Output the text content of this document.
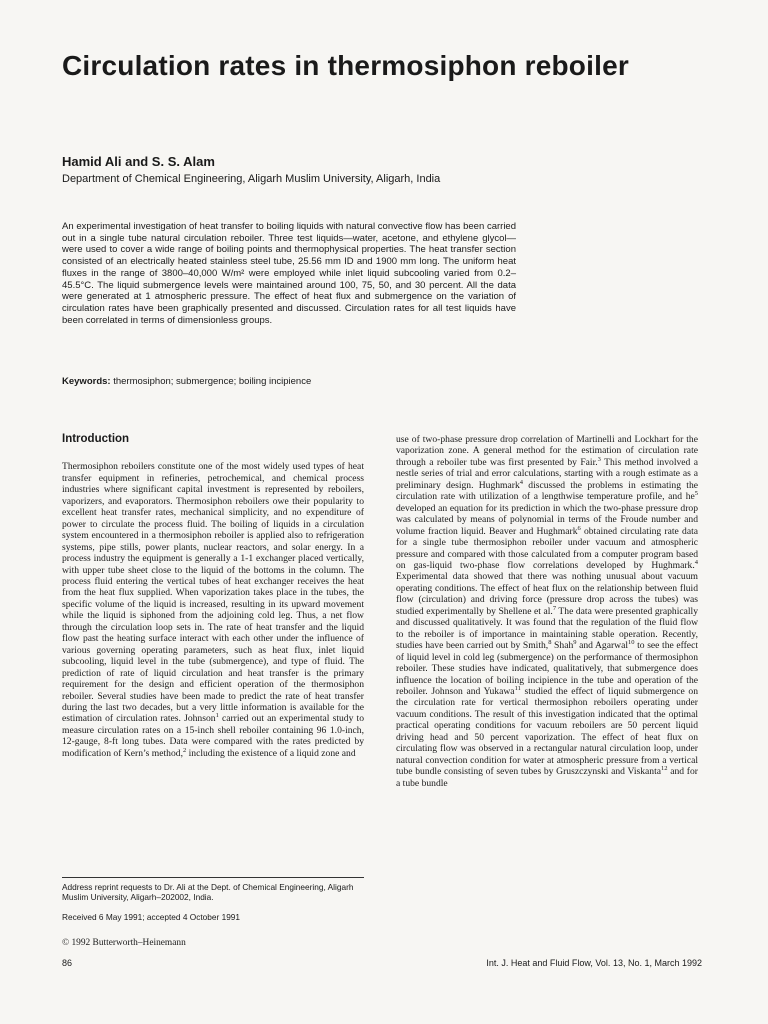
Circulation rates in thermosiphon reboiler
Hamid Ali and S. S. Alam
Department of Chemical Engineering, Aligarh Muslim University, Aligarh, India
An experimental investigation of heat transfer to boiling liquids with natural convective flow has been carried out in a single tube natural circulation reboiler. Three test liquids—water, acetone, and ethylene glycol—were used to cover a wide range of boiling points and thermophysical properties. The heat transfer section consisted of an electrically heated stainless steel tube, 25.56 mm ID and 1900 mm long. The uniform heat fluxes in the range of 3800–40,000 W/m² were employed while inlet liquid subcooling varied from 0.2–45.5°C. The liquid submergence levels were maintained around 100, 75, 50, and 30 percent. All the data were generated at 1 atmospheric pressure. The effect of heat flux and submergence on the variation of circulation rates have been graphically presented and discussed. Circulation rates for all test liquids have been correlated in terms of dimensionless groups.
Keywords: thermosiphon; submergence; boiling incipience
Introduction

Thermosiphon reboilers constitute one of the most widely used types of heat transfer equipment in refineries, petrochemical, and chemical process industries where significant capital investment is represented by reboilers, vaporizers, and evaporators. Thermosiphon reboilers owe their popularity to excellent heat transfer rates, mechanical simplicity, and no expenditure of power to circulate the process fluid. The boiling of liquids in a circulation system encountered in a thermosiphon reboiler is applied also to refrigeration systems, pipe stills, power plants, nuclear reactors, and solar energy. In a process industry the equipment is generally a 1-1 exchanger placed vertically, with upper tube sheet close to the liquid of the bottoms in the column. The process fluid entering the vertical tubes of heat exchanger receives the heat from the heat flux supplied. When vaporization takes place in the tubes, the specific volume of the liquid is increased, resulting in its upward movement while the liquid is siphoned from the adjoining cold leg. Thus, a net flow through the circulation loop sets in. The rate of heat transfer and the liquid flow past the heating surface interact with each other under the influence of various governing operating parameters, such as heat flux, inlet liquid subcooling, liquid level in the tube (submergence), and type of fluid. The prediction of rate of liquid circulation and heat transfer is the primary requirement for the design and efficient operation of the thermosiphon reboiler. Several studies have been made to predict the rate of heat transfer during the last two decades, but a very little information is available for the estimation of circulation rates. Johnson$^1$ carried out an experimental study to measure circulation rates on a 15-inch shell reboiler containing 96 1.0-inch, 12-gauge, 8-ft long tubes. Data were compared with the rates predicted by modification of Kern’s method,$^2$ including the existence of a liquid zone and

use of two-phase pressure drop correlation of Martinelli and Lockhart for the vaporization zone. A general method for the estimation of circulation rate through a reboiler tube was first presented by Fair.$^3$ This method involved a nestle series of trial and error calculations, starting with a rough estimate as a preliminary design. Hughmark$^4$ discussed the problems in estimating the circulation rate with utilization of a lengthwise temperature profile, and $he^5$ developed an equation for its prediction in which the two-phase pressure drop was calculated by means of polynomial in terms of the Froude number and volume fraction liquid. Beaver and Hughmark$^6$ obtained circulating rate data for a single tube thermosiphon reboiler under vacuum and atmospheric pressure and compared with those calculated from a computer program based on gas-liquid two-phase flow correlations developed by Hughmark.$^4$ Experimental data showed that there was nothing unusual about vacuum operating conditions. The effect of heat flux on the relationship between fluid flow (circulation) and driving force (pressure drop across the tubes) was studied experimentally by Shellene et al.$^7$ The data were presented graphically and discussed qualitatively. It was found that the regulation of the fluid flow to the reboiler is of importance in maintaining stable operation. Recently, studies have been carried out by Smith,$^8$ Shah$^9$ and Agarwal$^{10}$ to see the effect of liquid level in cold leg (submergence) on the performance of thermosiphon reboiler. These studies have indicated, qualitatively, that submergence does influence the location of boiling incipience in the tube and operation of the reboiler. Johnson and Yukawa$^{11}$ studied the effect of liquid submergence on the circulation rate for vertical thermosiphon reboilers operating under vacuum conditions. The result of this investigation indicated that the optimal practical operating conditions for vacuum reboilers are 50 percent liquid driving head and 50 percent vaporization. The effect of heat flux on circulating flow was observed in a rectangular natural circulation loop, under natural convection condition for water at atmospheric pressure from a vertical tube bundle consisting of seven tubes by Gruszczynski and Viskanta$^{12}$ and for a tube bundle

Address reprint requests to Dr. Ali at the Dept. of Chemical Engineering, Aligarh Muslim University, Aligarh–202002, India.
Received 6 May 1991; accepted 4 October 1991
© 1992 Butterworth–Heinemann
86	Int. J. Heat and Fluid Flow, Vol. 13, No. 1, March 1992
